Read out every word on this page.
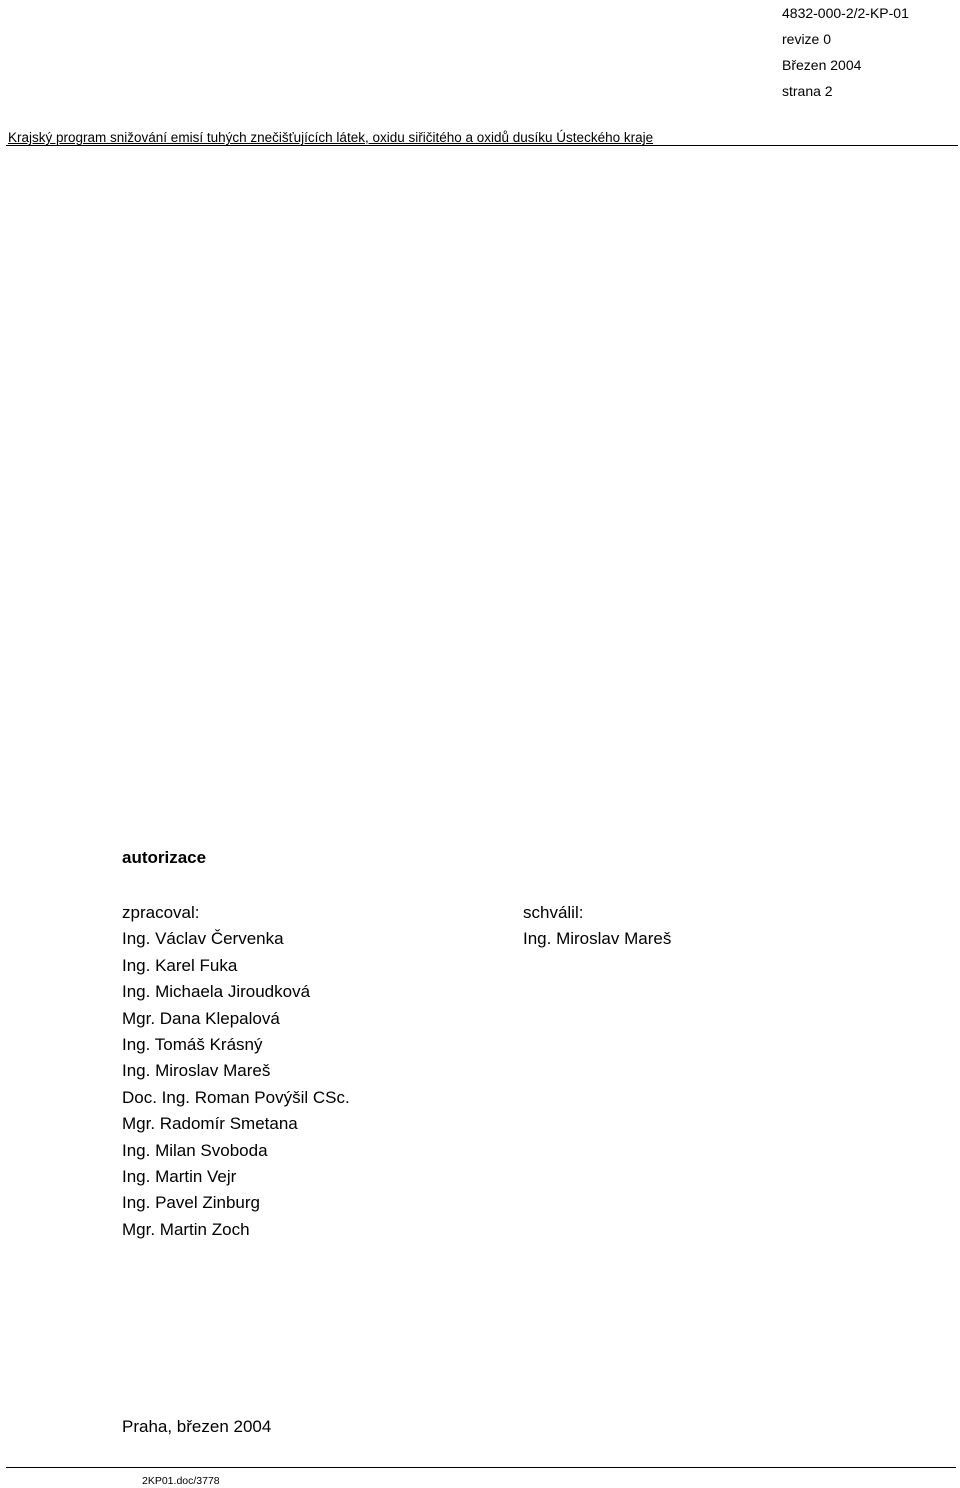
4832-000-2/2-KP-01
revize 0
Březen 2004
strana 2
Krajský program snižování emisí tuhých znečišťujících látek, oxidu siřičitého a oxidů dusíku Ústeckého kraje
autorizace
zpracoval:
Ing. Václav Červenka
Ing. Karel Fuka
Ing. Michaela Jiroudková
Mgr. Dana Klepalová
Ing. Tomáš Krásný
Ing. Miroslav Mareš
Doc. Ing. Roman Povýšil CSc.
Mgr. Radomír Smetana
Ing. Milan Svoboda
Ing. Martin Vejr
Ing. Pavel Zinburg
Mgr. Martin Zoch
schválil:
Ing. Miroslav Mareš
Praha, březen 2004
2KP01.doc/3778
